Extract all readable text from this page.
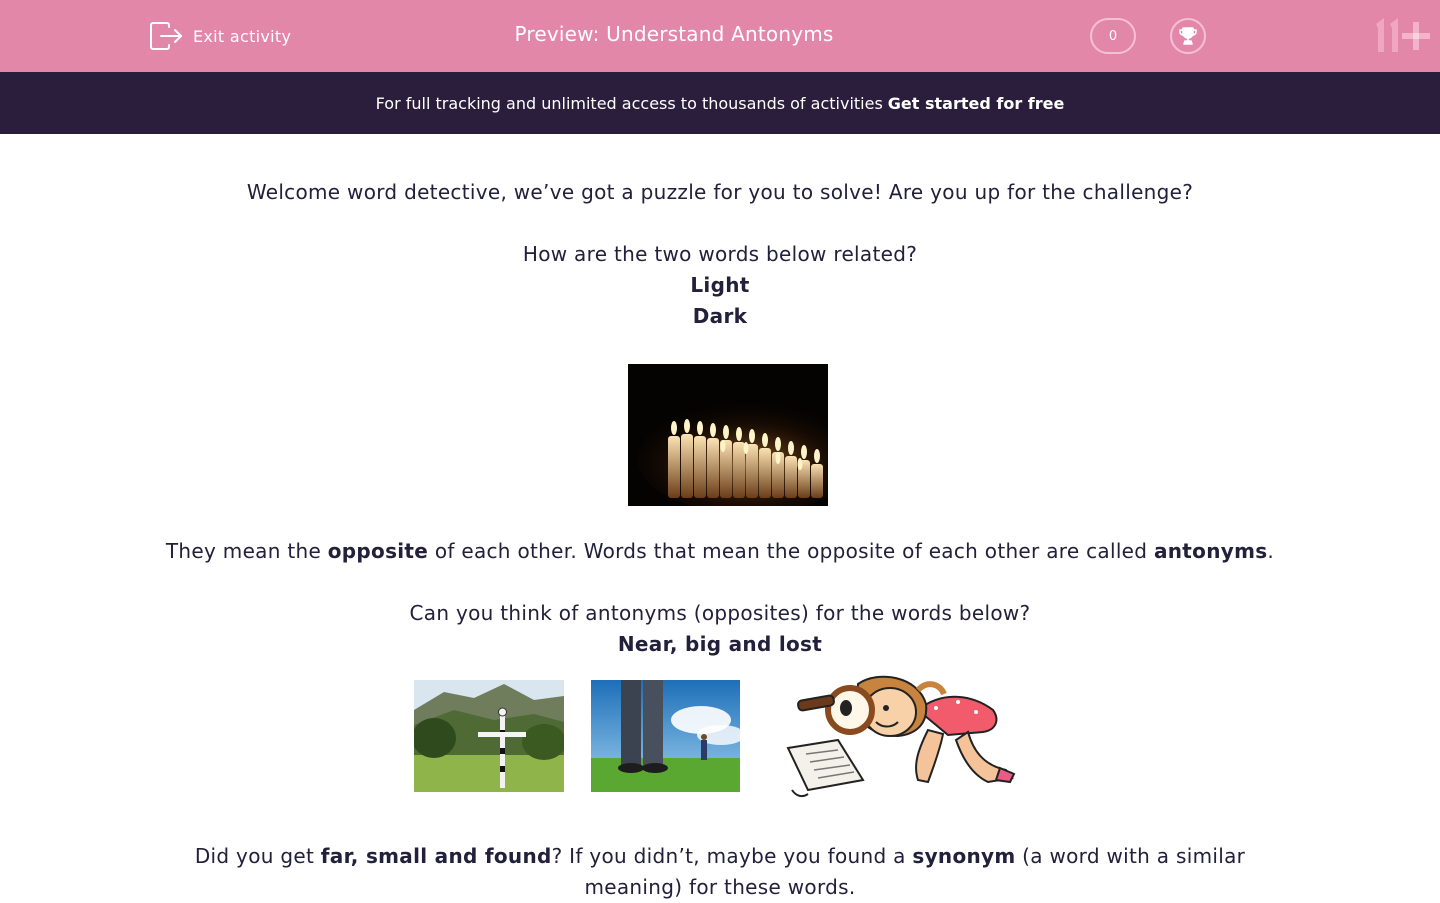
Exit activity	Preview: Understand Antonyms	0
For full tracking and unlimited access to thousands of activities Get started for free
Welcome word detective, we’ve got a puzzle for you to solve! Are you up for the challenge?
How are the two words below related?
Light
Dark
They mean the opposite of each other. Words that mean the opposite of each other are called antonyms.
Can you think of antonyms (opposites) for the words below?
Near, big and lost
Did you get far, small and found? If you didn’t, maybe you found a synonym (a word with a similar
meaning) for these words.
